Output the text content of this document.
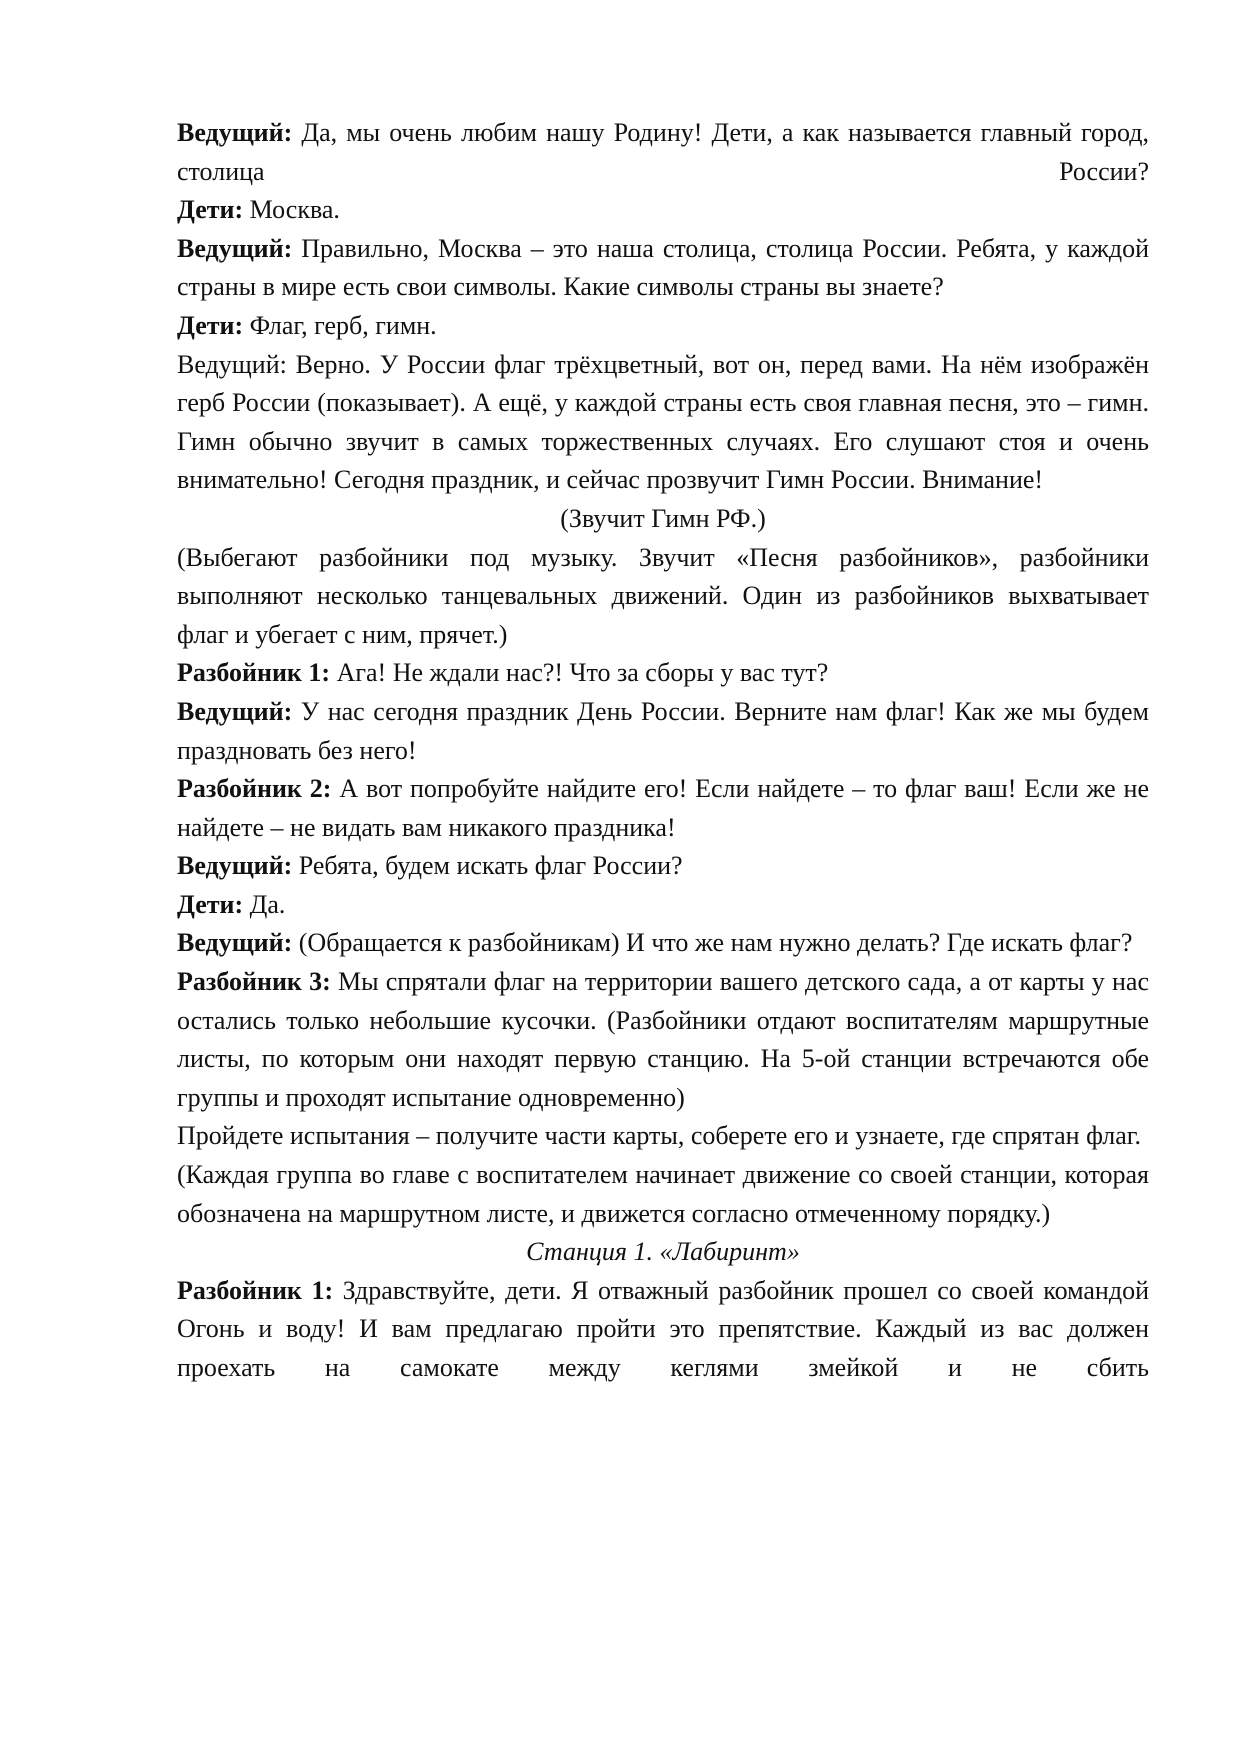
Ведущий: Да, мы очень любим нашу Родину! Дети, а как называется главный город, столица России?

Дети: Москва.

Ведущий: Правильно, Москва – это наша столица, столица России. Ребята, у каждой страны в мире есть свои символы. Какие символы страны вы знаете?

Дети: Флаг, герб, гимн.

Ведущий: Верно. У России флаг трёхцветный, вот он, перед вами. На нём изображён герб России (показывает). А ещё, у каждой страны есть своя главная песня, это – гимн. Гимн обычно звучит в самых торжественных случаях. Его слушают стоя и очень внимательно! Сегодня праздник, и сейчас прозвучит Гимн России. Внимание!

(Звучит Гимн РФ.)

(Выбегают разбойники под музыку. Звучит «Песня разбойников», разбойники выполняют несколько танцевальных движений. Один из разбойников выхватывает флаг и убегает с ним, прячет.)

Разбойник 1: Ага! Не ждали нас?! Что за сборы у вас тут?

Ведущий: У нас сегодня праздник День России. Верните нам флаг! Как же мы будем праздновать без него!

Разбойник 2: А вот попробуйте найдите его! Если найдете – то флаг ваш! Если же не найдете – не видать вам никакого праздника!

Ведущий: Ребята, будем искать флаг России?

Дети: Да.

Ведущий: (Обращается к разбойникам) И что же нам нужно делать? Где искать флаг?

Разбойник 3: Мы спрятали флаг на территории вашего детского сада, а от карты у нас остались только небольшие кусочки. (Разбойники отдают воспитателям маршрутные листы, по которым они находят первую станцию. На 5-ой станции встречаются обе группы и проходят испытание одновременно)

Пройдете испытания – получите части карты, соберете его и узнаете, где спрятан флаг.

(Каждая группа во главе с воспитателем начинает движение со своей станции, которая обозначена на маршрутном листе, и движется согласно отмеченному порядку.)

Станция 1. «Лабиринт»

Разбойник 1: Здравствуйте, дети. Я отважный разбойник прошел со своей командой Огонь и воду! И вам предлагаю пройти это препятствие. Каждый из вас должен проехать на самокате между кеглями змейкой и не сбить
